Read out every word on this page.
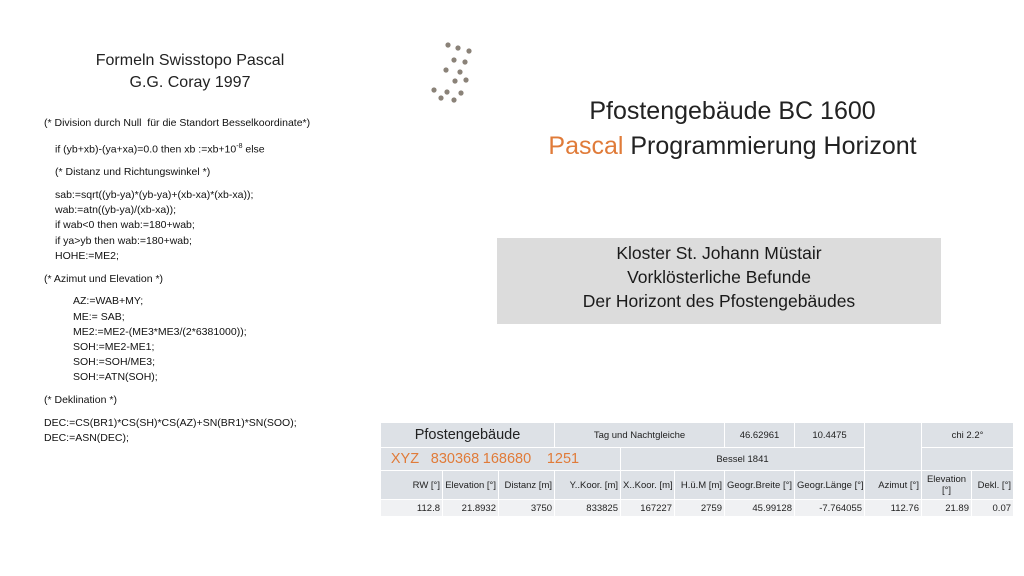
Formeln Swisstopo Pascal
G.G. Coray 1997
(* Division durch Null  für die Standort Besselkoordinate*)
if (yb+xb)-(ya+xa)=0.0 then xb $:=xb+10^{-8}$ else
(* Distanz und Richtungswinkel *)
sab:=sqrt((yb-ya)*(yb-ya)+(xb-xa)*(xb-xa));
wab:=atn((yb-ya)/(xb-xa));
if wab<0 then wab:=180+wab;
if ya>yb then wab:=180+wab;
HOHE:=ME2;
(* Azimut und Elevation *)
AZ:=WAB+MY;
ME:= SAB;
ME2:=ME2-(ME3*ME3/(2*6381000));
SOH:=ME2-ME1;
SOH:=SOH/ME3;
SOH:=ATN(SOH);
(* Deklination *)
DEC:=CS(BR1)*CS(SH)*CS(AZ)+SN(BR1)*SN(SOO);
DEC:=ASN(DEC);
Pfostengebäude BC 1600
Pascal Programmierung Horizont
Kloster St. Johann Müstair
Vorklösterliche Befunde
Der Horizont des Pfostengebäudes
Pfostengebäude			Tag und Nachtgleiche			46.62961	10.4475		chi 2.2°	
XYZ 830368 168680 1251				Bessel 1841						
RW [°]	Elevation [°]	Distanz [m]	Y..Koor. [m]	X..Koor. [m]	H.ü.M [m]	Geogr.Breite [°]	Geogr.Länge [°]	Azimut [°]	Elevation [°]	Dekl. [°]
112.8	21.8932	3750	833825	167227	2759	45.99128	-7.764055	112.76	21.89	0.07
